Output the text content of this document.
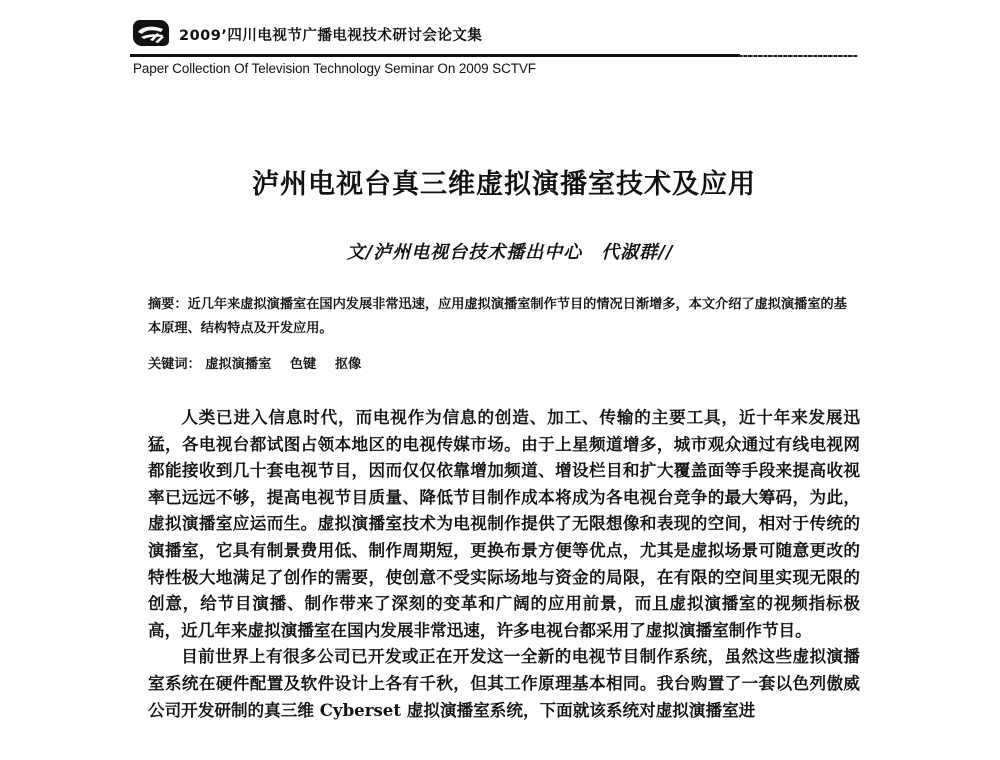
2009’四川电视节广播电视技术研讨会论文集
Paper Collection Of Television Technology Seminar On 2009 SCTVF
泸州电视台真三维虚拟演播室技术及应用
文/泸州电视台技术播出中心　代淑群//
摘要：近几年来虚拟演播室在国内发展非常迅速，应用虚拟演播室制作节目的情况日渐增多，本文介绍了虚拟演播室的基本原理、结构特点及开发应用。
关键词： 虚拟演播室 色键 抠像

人类已进入信息时代，而电视作为信息的创造、加工、传输的主要工具，近十年来发展迅猛，各电视台都试图占领本地区的电视传媒市场。由于上星频道增多，城市观众通过有线电视网都能接收到几十套电视节目，因而仅仅依靠增加频道、增设栏目和扩大覆盖面等手段来提高收视率已远远不够，提高电视节目质量、降低节目制作成本将成为各电视台竞争的最大筹码，为此，虚拟演播室应运而生。虚拟演播室技术为电视制作提供了无限想像和表现的空间，相对于传统的演播室，它具有制景费用低、制作周期短，更换布景方便等优点，尤其是虚拟场景可随意更改的特性极大地满足了创作的需要，使创意不受实际场地与资金的局限，在有限的空间里实现无限的创意，给节目演播、制作带来了深刻的变革和广阔的应用前景，而且虚拟演播室的视频指标极高，近几年来虚拟演播室在国内发展非常迅速，许多电视台都采用了虚拟演播室制作节目。

目前世界上有很多公司已开发或正在开发这一全新的电视节目制作系统，虽然这些虚拟演播室系统在硬件配置及软件设计上各有千秋，但其工作原理基本相同。我台购置了一套以色列傲威公司开发研制的真三维 Cyberset 虚拟演播室系统，下面就该系统对虚拟演播室进
